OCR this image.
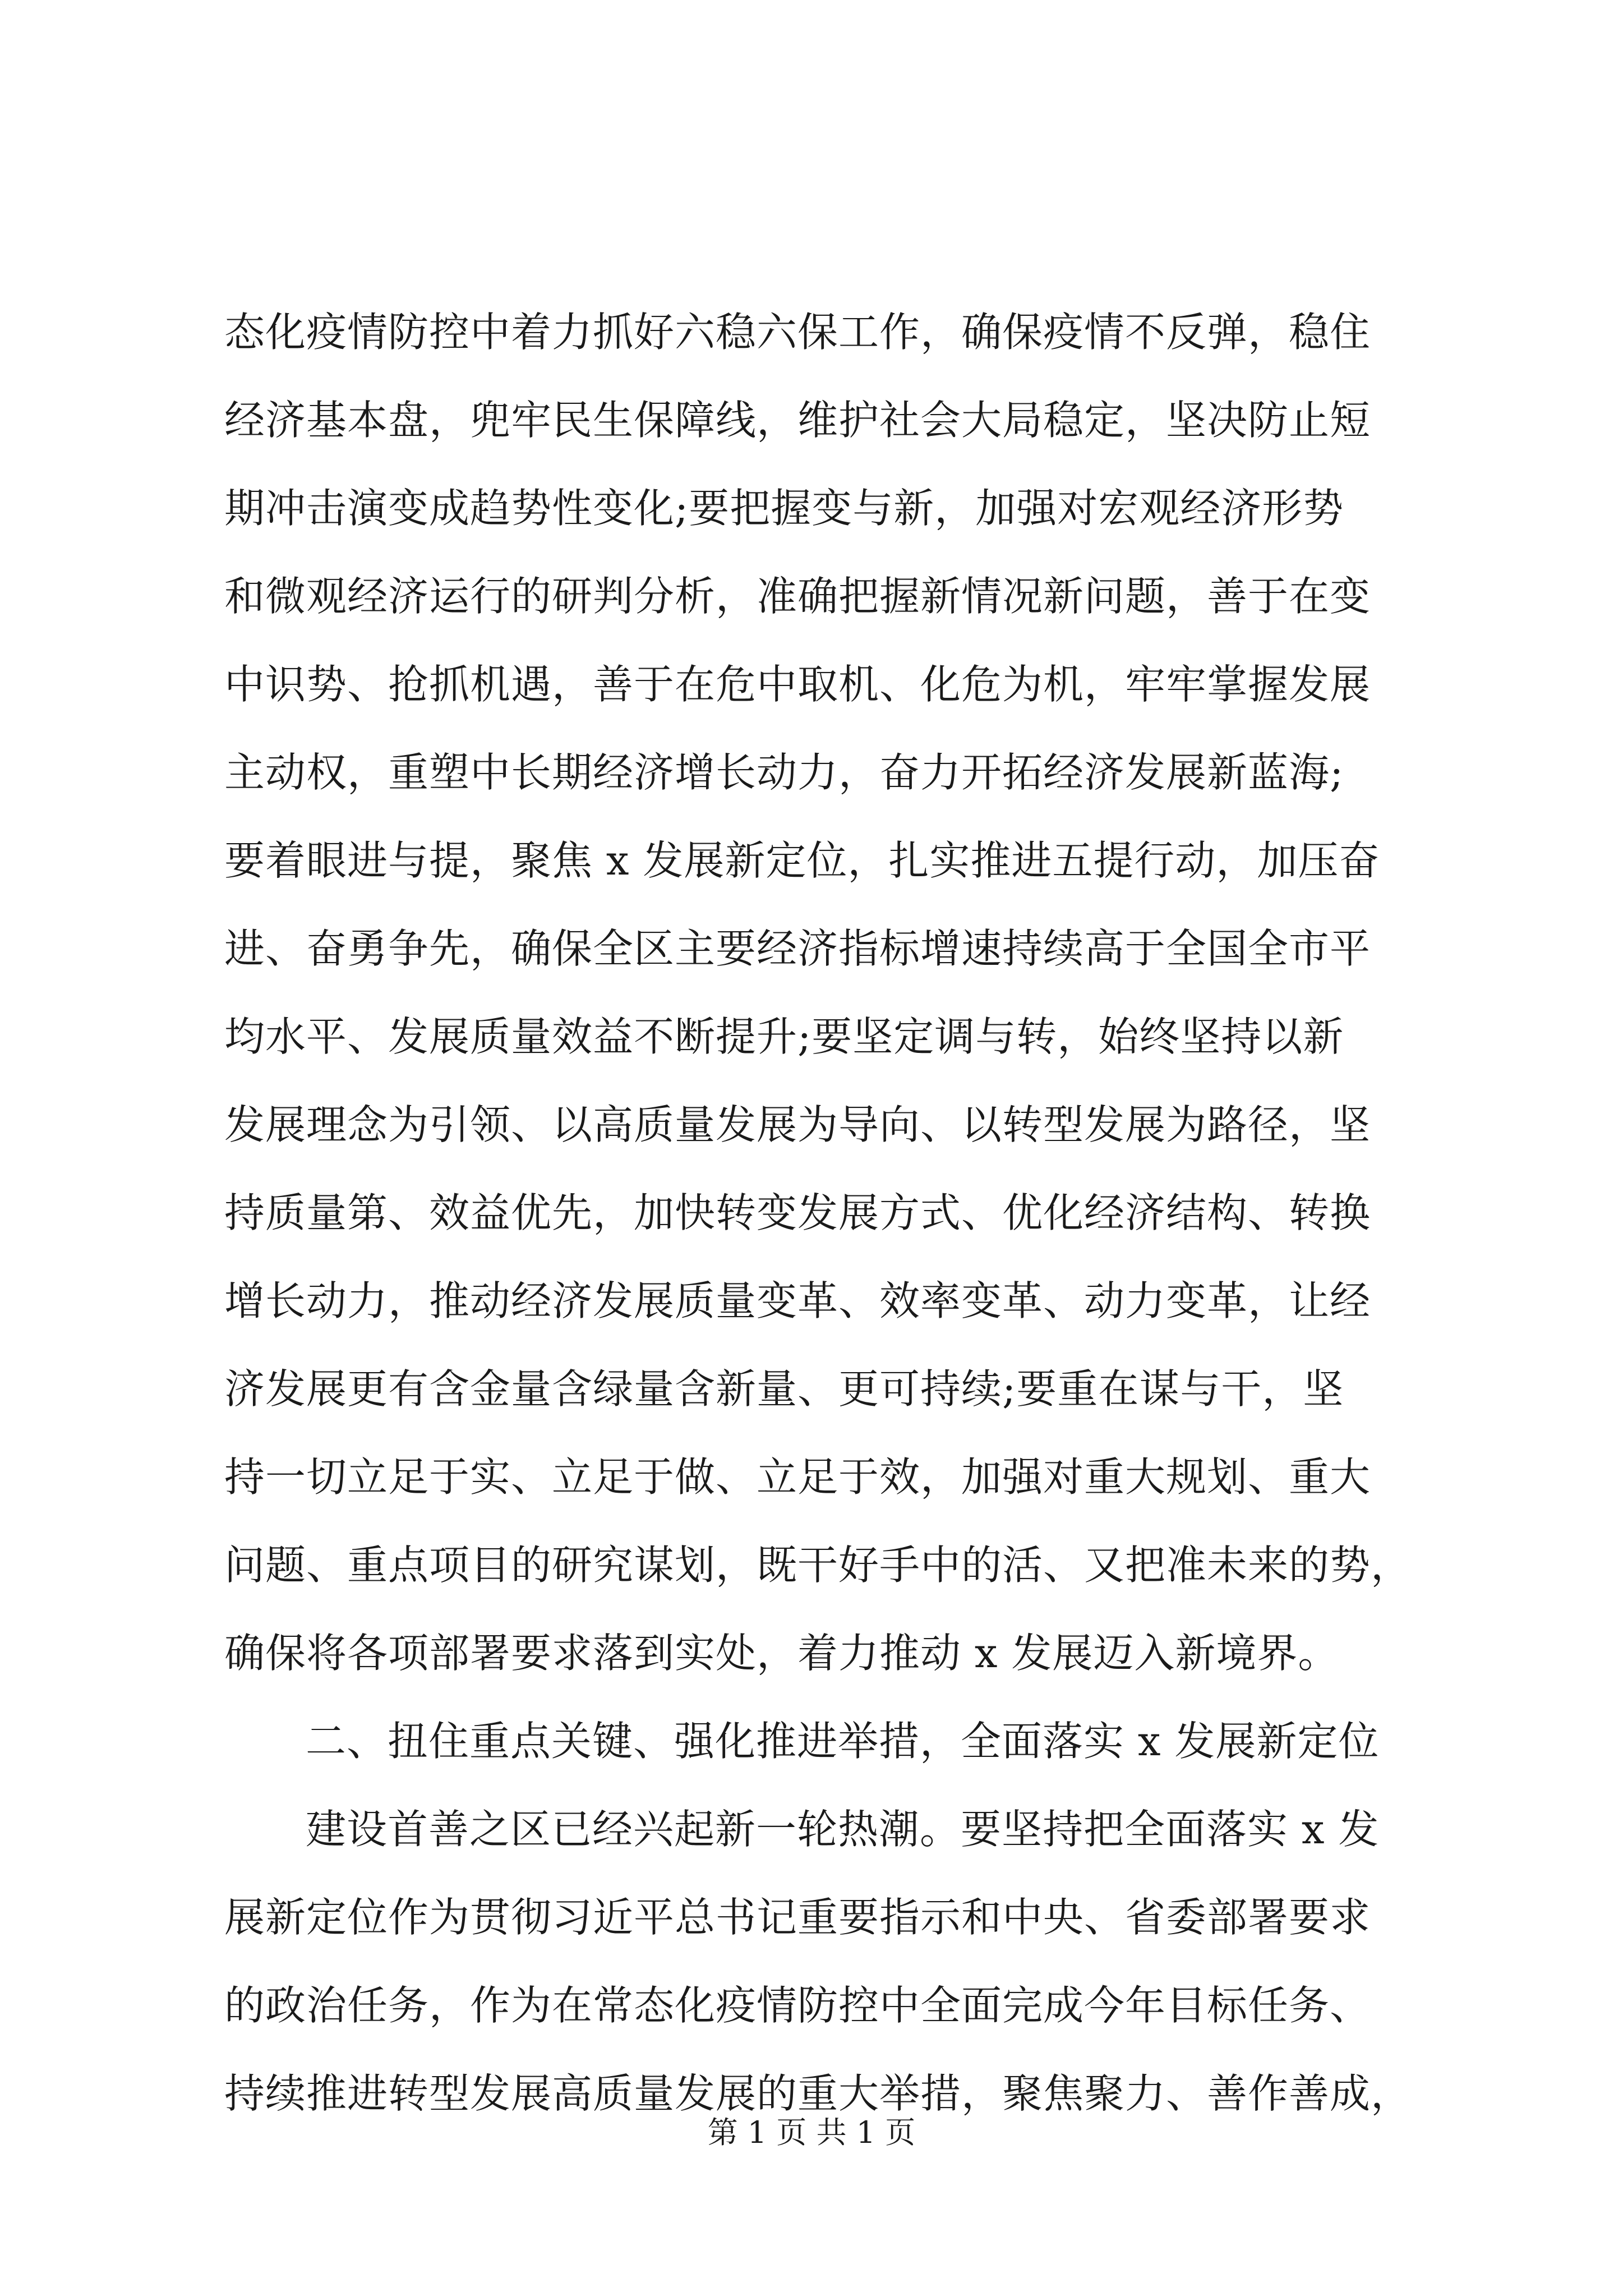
态化疫情防控中着力抓好六稳六保工作，确保疫情不反弹，稳住
经济基本盘，兜牢民生保障线，维护社会大局稳定，坚决防止短
期冲击演变成趋势性变化;要把握变与新，加强对宏观经济形势
和微观经济运行的研判分析，准确把握新情况新问题，善于在变
中识势、抢抓机遇，善于在危中取机、化危为机，牢牢掌握发展
主动权，重塑中长期经济增长动力，奋力开拓经济发展新蓝海;
要着眼进与提，聚焦 x 发展新定位，扎实推进五提行动，加压奋
进、奋勇争先，确保全区主要经济指标增速持续高于全国全市平
均水平、发展质量效益不断提升;要坚定调与转，始终坚持以新
发展理念为引领、以高质量发展为导向、以转型发展为路径，坚
持质量第、效益优先，加快转变发展方式、优化经济结构、转换
增长动力，推动经济发展质量变革、效率变革、动力变革，让经
济发展更有含金量含绿量含新量、更可持续;要重在谋与干，坚
持一切立足于实、立足于做、立足于效，加强对重大规划、重大
问题、重点项目的研究谋划，既干好手中的活、又把准未来的势，
确保将各项部署要求落到实处，着力推动 x 发展迈入新境界。
二、扭住重点关键、强化推进举措，全面落实 x 发展新定位
建设首善之区已经兴起新一轮热潮。要坚持把全面落实 x 发
展新定位作为贯彻习近平总书记重要指示和中央、省委部署要求
的政治任务，作为在常态化疫情防控中全面完成今年目标任务、
持续推进转型发展高质量发展的重大举措，聚焦聚力、善作善成，
第 1 页 共 1 页
